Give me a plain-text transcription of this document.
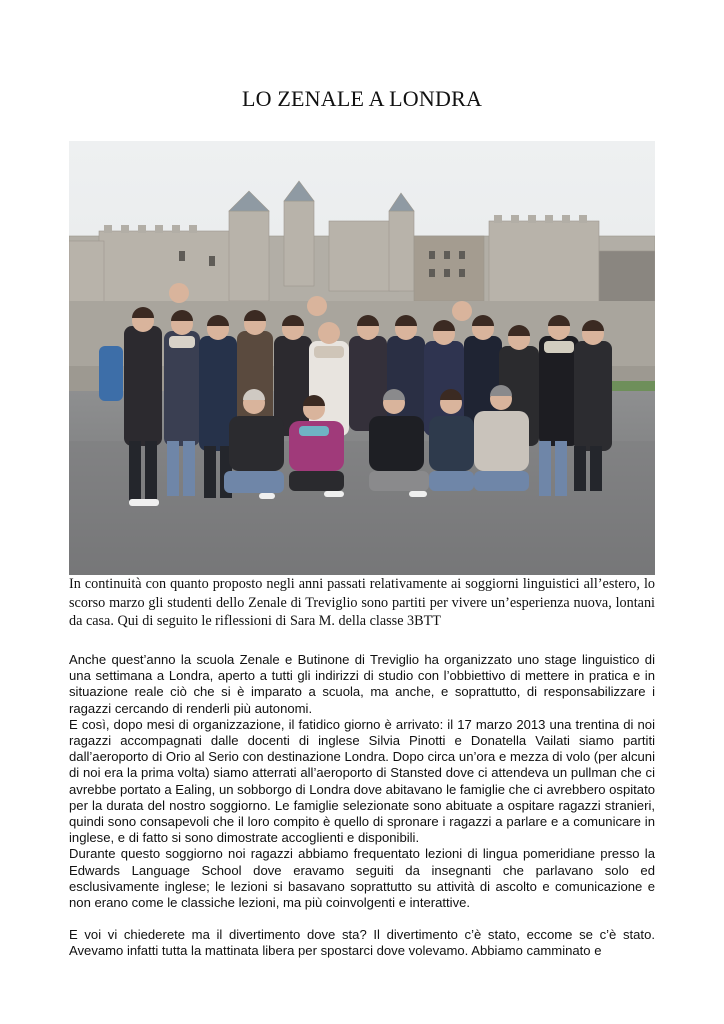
LO ZENALE A LONDRA

In continuità con quanto proposto negli anni passati relativamente ai soggiorni linguistici all’estero, lo scorso marzo gli studenti dello Zenale di Treviglio sono partiti per vivere un’esperienza nuova, lontani da casa. Qui di seguito le riflessioni di Sara M. della classe 3BTT

Anche quest’anno la scuola Zenale e Butinone di Treviglio ha organizzato uno stage linguistico di una settimana a Londra, aperto a tutti gli indirizzi di studio con l’obbiettivo di mettere in pratica e in situazione reale ciò che si è imparato a scuola, ma anche, e soprattutto, di responsabilizzare i ragazzi cercando di renderli più autonomi.

E così, dopo mesi di organizzazione, il fatidico giorno è arrivato: il 17 marzo 2013 una trentina di noi ragazzi accompagnati dalle docenti di inglese Silvia Pinotti e Donatella Vailati siamo partiti dall’aeroporto di Orio al Serio con destinazione Londra. Dopo circa un’ora e mezza di volo (per alcuni di noi era la prima volta) siamo atterrati all’aeroporto di Stansted dove ci attendeva un pullman che ci avrebbe portato a Ealing, un sobborgo di Londra dove abitavano le famiglie che ci avrebbero ospitato per la durata del nostro soggiorno. Le famiglie selezionate sono abituate a ospitare ragazzi stranieri, quindi sono consapevoli che il loro compito è quello di spronare i ragazzi a parlare e a comunicare in inglese, e di fatto si sono dimostrate accoglienti e disponibili.

Durante questo soggiorno noi ragazzi abbiamo frequentato lezioni di lingua pomeridiane presso la Edwards Language School dove eravamo seguiti da insegnanti che parlavano solo ed esclusivamente inglese; le lezioni si basavano soprattutto su attività di ascolto e comunicazione e non erano come le classiche lezioni, ma più coinvolgenti e interattive.

E voi vi chiederete ma il divertimento dove sta? Il divertimento c’è stato, eccome se c’è stato. Avevamo infatti tutta la mattinata libera per spostarci dove volevamo. Abbiamo camminato e
